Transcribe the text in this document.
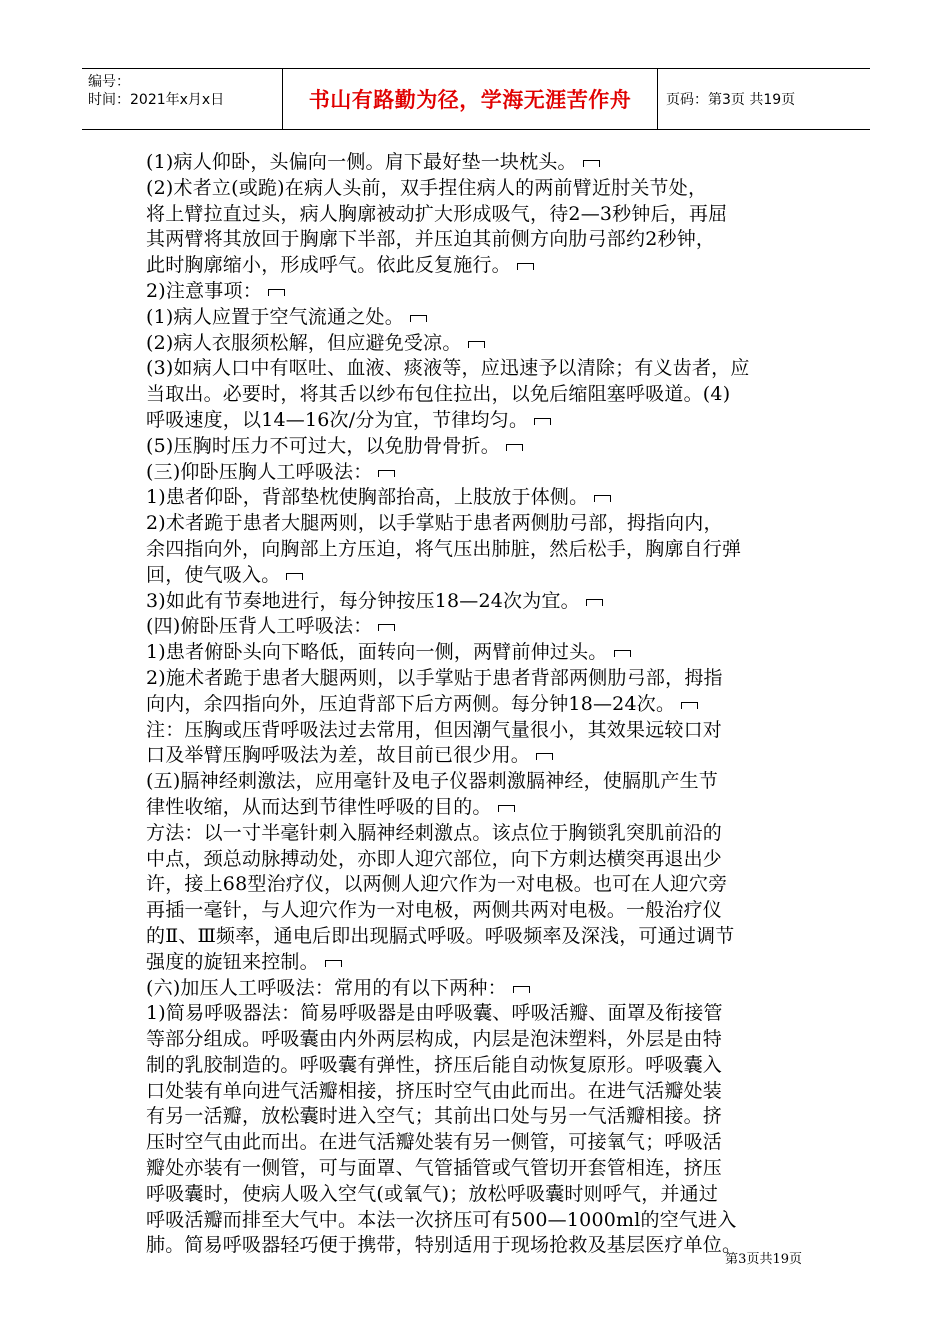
编号：
时间：2021年x月x日	书山有路勤为径，学海无涯苦作舟 页码：第3页 共19页
(1)病人仰卧，头偏向一侧。肩下最好垫一块枕头。
(2)术者立(或跪)在病人头前，双手捏住病人的两前臂近肘关节处，
将上臂拉直过头，病人胸廓被动扩大形成吸气，待2—3秒钟后，再屈
其两臂将其放回于胸廓下半部，并压迫其前侧方向肋弓部约2秒钟，
此时胸廓缩小，形成呼气。依此反复施行。
2)注意事项：
(1)病人应置于空气流通之处。
(2)病人衣服须松解，但应避免受凉。
(3)如病人口中有呕吐、血液、痰液等，应迅速予以清除；有义齿者，应
当取出。必要时，将其舌以纱布包住拉出，以免后缩阻塞呼吸道。(4)
呼吸速度，以14—16次/分为宜，节律均匀。
(5)压胸时压力不可过大，以免肋骨骨折。
(三)仰卧压胸人工呼吸法：
1)患者仰卧，背部垫枕使胸部抬高，上肢放于体侧。
2)术者跪于患者大腿两则，以手掌贴于患者两侧肋弓部，拇指向内，
余四指向外，向胸部上方压迫，将气压出肺脏，然后松手，胸廓自行弹
回，使气吸入。
3)如此有节奏地进行，每分钟按压18—24次为宜。
(四)俯卧压背人工呼吸法：
1)患者俯卧头向下略低，面转向一侧，两臂前伸过头。
2)施术者跪于患者大腿两则，以手掌贴于患者背部两侧肋弓部，拇指
向内，余四指向外，压迫背部下后方两侧。每分钟18—24次。
注：压胸或压背呼吸法过去常用，但因潮气量很小，其效果远较口对
口及举臂压胸呼吸法为差，故目前已很少用。
(五)膈神经刺激法，应用毫针及电子仪器刺激膈神经，使膈肌产生节
律性收缩，从而达到节律性呼吸的目的。
方法：以一寸半毫针刺入膈神经刺激点。该点位于胸锁乳突肌前沿的
中点，颈总动脉搏动处，亦即人迎穴部位，向下方刺达横突再退出少
许，接上68型治疗仪，以两侧人迎穴作为一对电极。也可在人迎穴旁
再插一毫针，与人迎穴作为一对电极，两侧共两对电极。一般治疗仪
的Ⅱ、Ⅲ频率，通电后即出现膈式呼吸。呼吸频率及深浅，可通过调节
强度的旋钮来控制。
(六)加压人工呼吸法：常用的有以下两种：
1)简易呼吸器法：简易呼吸器是由呼吸囊、呼吸活瓣、面罩及衔接管
等部分组成。呼吸囊由内外两层构成，内层是泡沫塑料，外层是由特
制的乳胶制造的。呼吸囊有弹性，挤压后能自动恢复原形。呼吸囊入
口处装有单向进气活瓣相接，挤压时空气由此而出。在进气活瓣处装
有另一活瓣，放松囊时进入空气；其前出口处与另一气活瓣相接。挤
压时空气由此而出。在进气活瓣处装有另一侧管，可接氧气；呼吸活
瓣处亦装有一侧管，可与面罩、气管插管或气管切开套管相连，挤压
呼吸囊时，使病人吸入空气(或氧气)；放松呼吸囊时则呼气，并通过
呼吸活瓣而排至大气中。本法一次挤压可有500—1000ml的空气进入
肺。简易呼吸器轻巧便于携带，特别适用于现场抢救及基层医疗单位。
第3页共19页
